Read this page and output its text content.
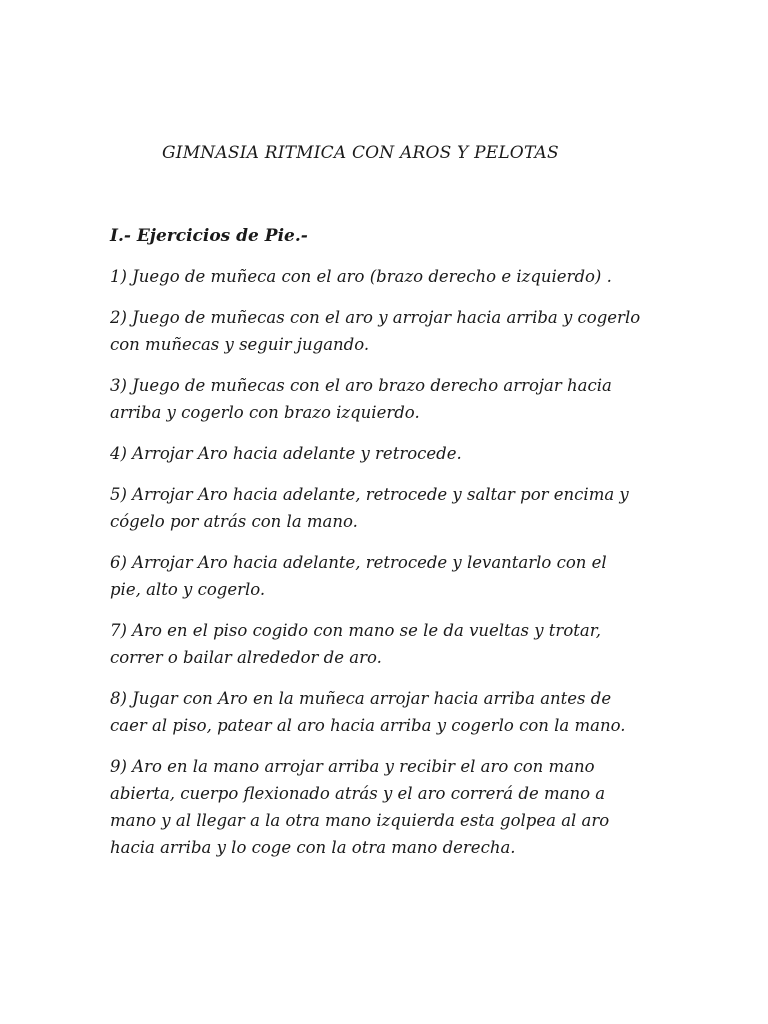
GIMNASIA RITMICA CON AROS Y PELOTAS
I.- Ejercicios de Pie.-
1) Juego de muñeca con el aro (brazo derecho e izquierdo) .
2) Juego de muñecas con el aro y arrojar hacia arriba y cogerlo
con muñecas y seguir jugando.
3) Juego de muñecas con el aro brazo derecho arrojar hacia
arriba y cogerlo con brazo izquierdo.
4) Arrojar Aro hacia adelante y retrocede.
5) Arrojar Aro hacia adelante, retrocede y saltar por encima y
cógelo por atrás con la mano.
6) Arrojar Aro hacia adelante, retrocede y levantarlo con el
pie, alto y cogerlo.
7) Aro en el piso cogido con mano se le da vueltas y trotar,
correr o bailar alrededor de aro.
8) Jugar con Aro en la muñeca arrojar hacia arriba antes de
caer al piso, patear al aro hacia arriba y cogerlo con la mano.
9) Aro en la mano arrojar arriba y recibir el aro con mano
abierta, cuerpo flexionado atrás y el aro correrá de mano a
mano y al llegar a la otra mano izquierda esta golpea al aro
hacia arriba y lo coge con la otra mano derecha.
